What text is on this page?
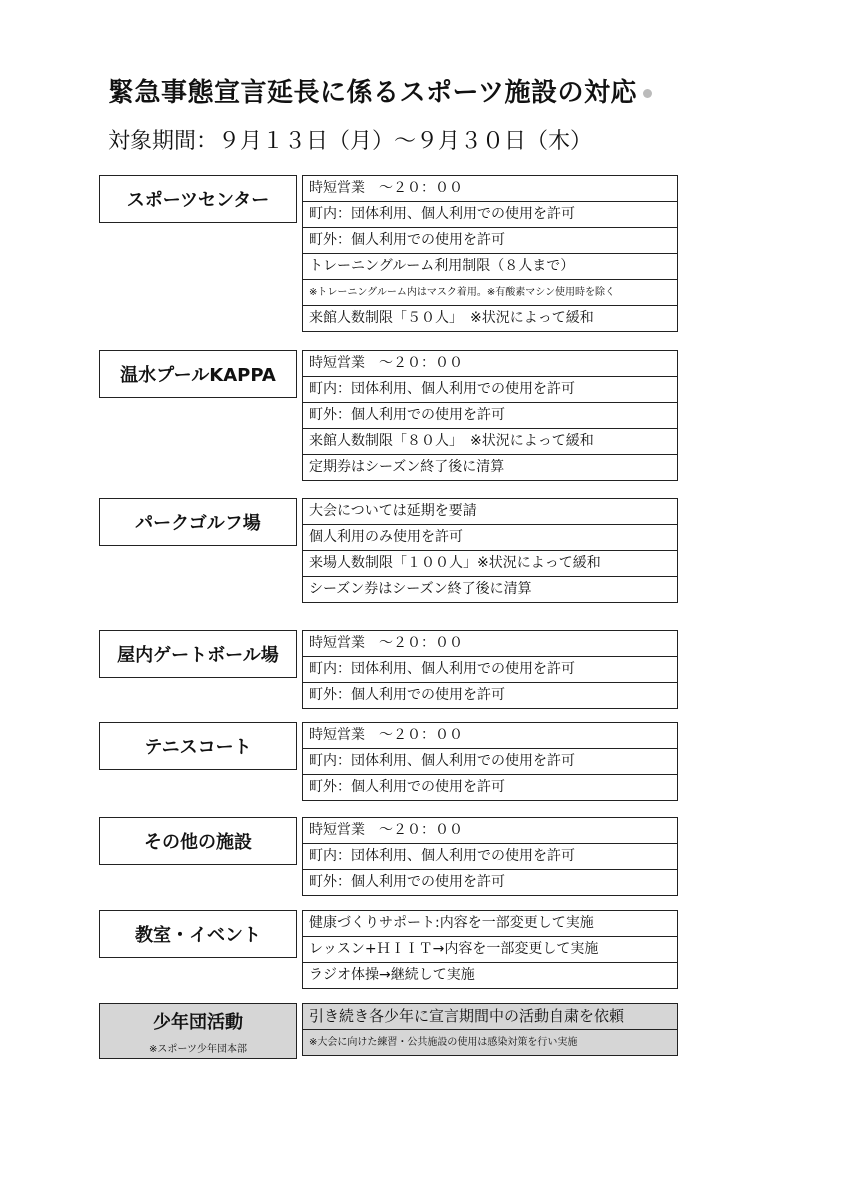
緊急事態宣言延長に係るスポーツ施設の対応
対象期間：９月１３日（月）～９月３０日（木）
スポーツセンター
時短営業　～２０：００
町内：団体利用、個人利用での使用を許可
町外：個人利用での使用を許可
トレーニングルーム利用制限（８人まで）
※トレーニングルーム内はマスク着用。※有酸素マシン使用時を除く
来館人数制限「５０人」　※状況によって緩和
温水プールKAPPA
時短営業　～２０：００
町内：団体利用、個人利用での使用を許可
町外：個人利用での使用を許可
来館人数制限「８０人」　※状況によって緩和
定期券はシーズン終了後に清算
パークゴルフ場
大会については延期を要請
個人利用のみ使用を許可
来場人数制限「１００人」※状況によって緩和
シーズン券はシーズン終了後に清算
屋内ゲートボール場
時短営業　～２０：００
町内：団体利用、個人利用での使用を許可
町外：個人利用での使用を許可
テニスコート
時短営業　～２０：００
町内：団体利用、個人利用での使用を許可
町外：個人利用での使用を許可
その他の施設
時短営業　～２０：００
町内：団体利用、個人利用での使用を許可
町外：個人利用での使用を許可
教室・イベント
健康づくりサポート:内容を一部変更して実施
レッスン+ＨＩＩＴ→内容を一部変更して実施
ラジオ体操→継続して実施
少年団活動
※スポーツ少年団本部
引き続き各少年に宣言期間中の活動自粛を依頼
※大会に向けた練習・公共施設の使用は感染対策を行い実施
